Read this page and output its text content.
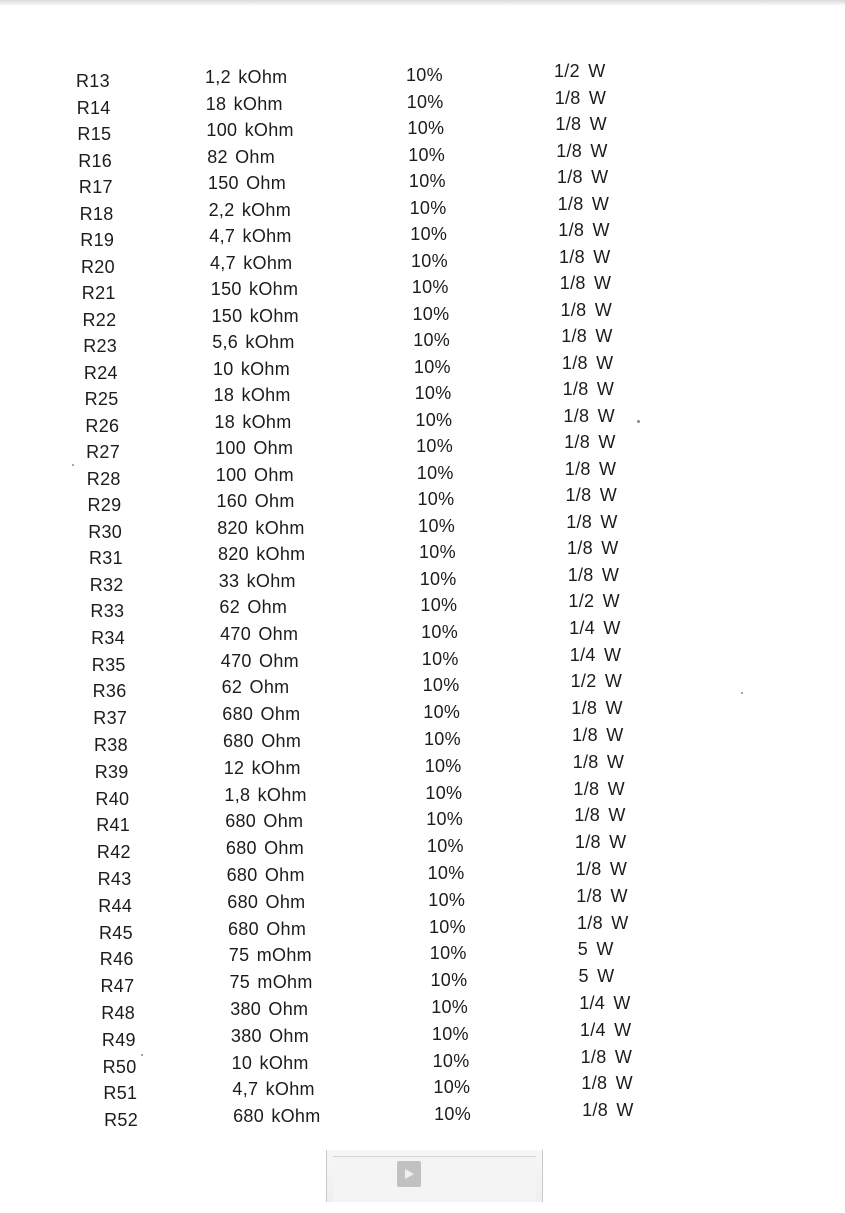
R13	1,2 kOhm	10%	1/2 W
R14	18 kOhm	10%	1/8 W
R15	100 kOhm	10%	1/8 W
R16	82 Ohm	10%	1/8 W
R17	150 Ohm	10%	1/8 W
R18	2,2 kOhm	10%	1/8 W
R19	4,7 kOhm	10%	1/8 W
R20	4,7 kOhm	10%	1/8 W
R21	150 kOhm	10%	1/8 W
R22	150 kOhm	10%	1/8 W
R23	5,6 kOhm	10%	1/8 W
R24	10 kOhm	10%	1/8 W
R25	18 kOhm	10%	1/8 W
R26	18 kOhm	10%	1/8 W
R27	100 Ohm	10%	1/8 W
R28	100 Ohm	10%	1/8 W
R29	160 Ohm	10%	1/8 W
R30	820 kOhm	10%	1/8 W
R31	820 kOhm	10%	1/8 W
R32	33 kOhm	10%	1/8 W
R33	62 Ohm	10%	1/2 W
R34	470 Ohm	10%	1/4 W
R35	470 Ohm	10%	1/4 W
R36	62 Ohm	10%	1/2 W
R37	680 Ohm	10%	1/8 W
R38	680 Ohm	10%	1/8 W
R39	12 kOhm	10%	1/8 W
R40	1,8 kOhm	10%	1/8 W
R41	680 Ohm	10%	1/8 W
R42	680 Ohm	10%	1/8 W
R43	680 Ohm	10%	1/8 W
R44	680 Ohm	10%	1/8 W
R45	680 Ohm	10%	1/8 W
R46	75 mOhm	10%	5 W
R47	75 mOhm	10%	5 W
R48	380 Ohm	10%	1/4 W
R49	380 Ohm	10%	1/4 W
R50	10 kOhm	10%	1/8 W
R51	4,7 kOhm	10%	1/8 W
R52	680 kOhm	10%	1/8 W
